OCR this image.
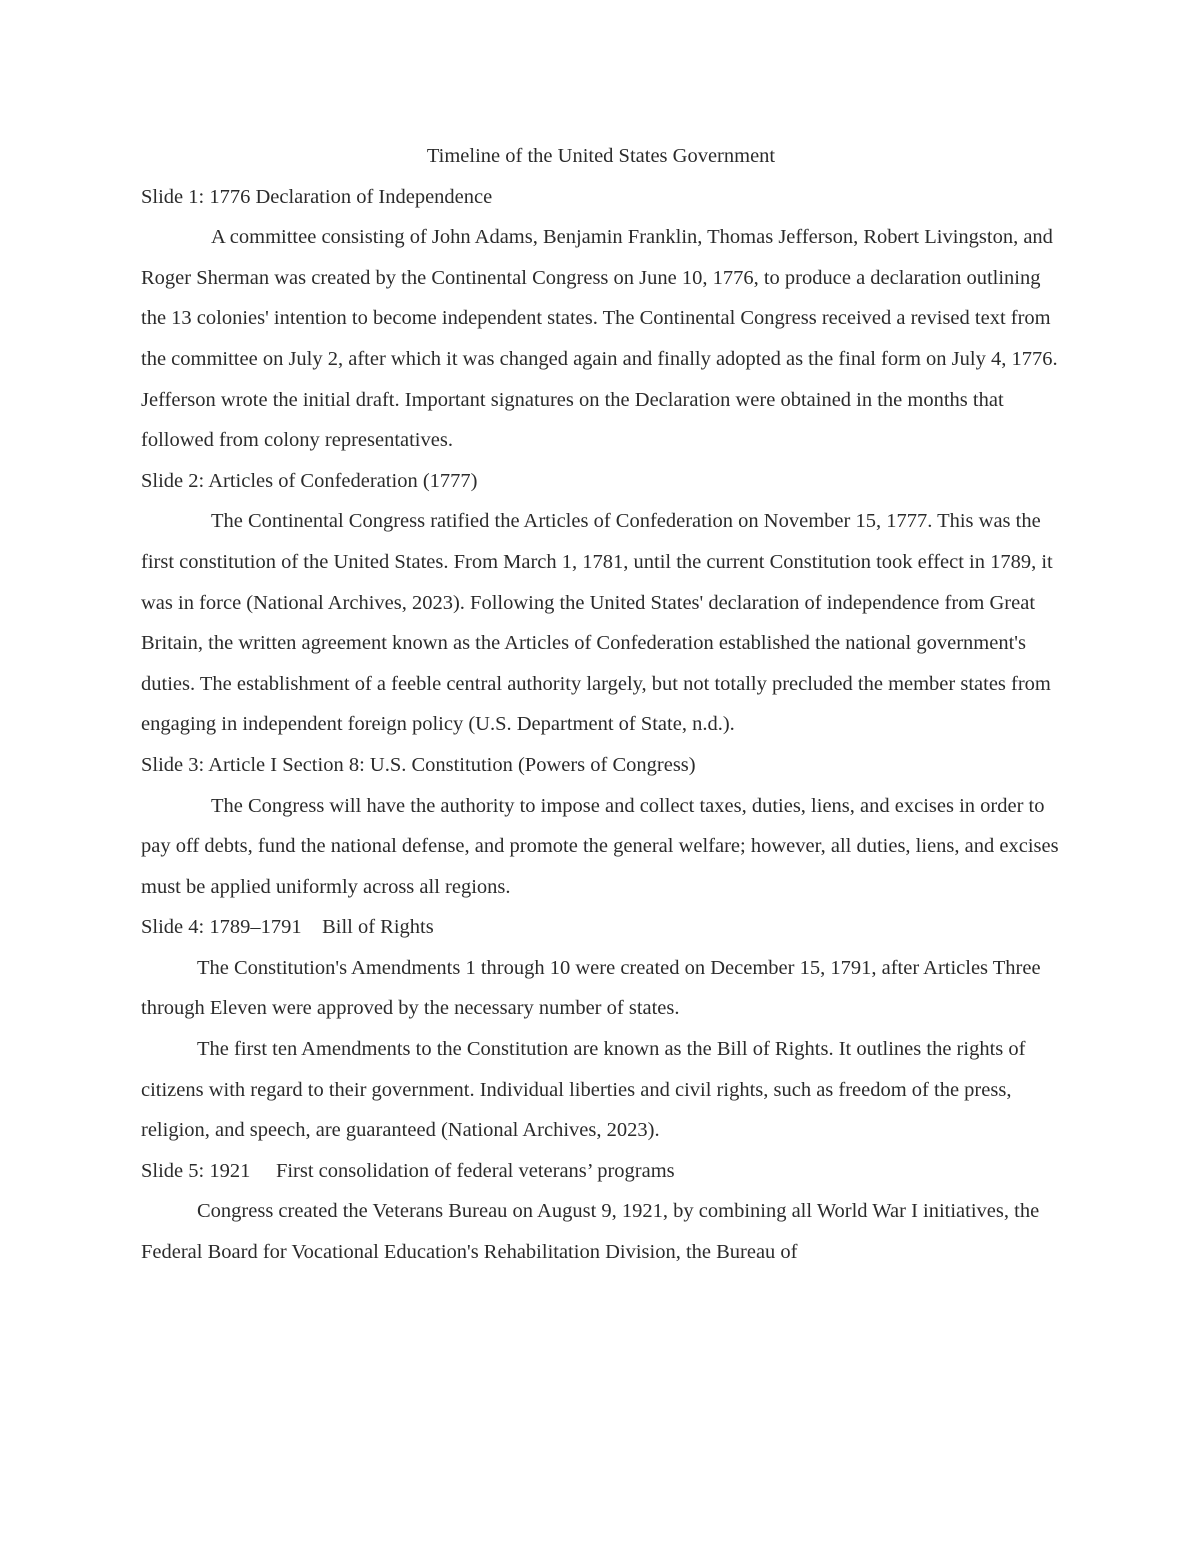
Timeline of the United States Government

Slide 1: 1776 Declaration of Independence

A committee consisting of John Adams, Benjamin Franklin, Thomas Jefferson, Robert Livingston, and Roger Sherman was created by the Continental Congress on June 10, 1776, to produce a declaration outlining the 13 colonies' intention to become independent states. The Continental Congress received a revised text from the committee on July 2, after which it was changed again and finally adopted as the final form on July 4, 1776. Jefferson wrote the initial draft. Important signatures on the Declaration were obtained in the months that followed from colony representatives.

Slide 2: Articles of Confederation (1777)

The Continental Congress ratified the Articles of Confederation on November 15, 1777. This was the first constitution of the United States. From March 1, 1781, until the current Constitution took effect in 1789, it was in force (National Archives, 2023). Following the United States' declaration of independence from Great Britain, the written agreement known as the Articles of Confederation established the national government's duties. The establishment of a feeble central authority largely, but not totally precluded the member states from engaging in independent foreign policy (U.S. Department of State, n.d.).

Slide 3: Article I Section 8: U.S. Constitution (Powers of Congress)

The Congress will have the authority to impose and collect taxes, duties, liens, and excises in order to pay off debts, fund the national defense, and promote the general welfare; however, all duties, liens, and excises must be applied uniformly across all regions.

Slide 4: 1789–1791    Bill of Rights

The Constitution's Amendments 1 through 10 were created on December 15, 1791, after Articles Three through Eleven were approved by the necessary number of states.

The first ten Amendments to the Constitution are known as the Bill of Rights. It outlines the rights of citizens with regard to their government. Individual liberties and civil rights, such as freedom of the press, religion, and speech, are guaranteed (National Archives, 2023).

Slide 5: 1921     First consolidation of federal veterans’ programs

Congress created the Veterans Bureau on August 9, 1921, by combining all World War I initiatives, the Federal Board for Vocational Education's Rehabilitation Division, the Bureau of
